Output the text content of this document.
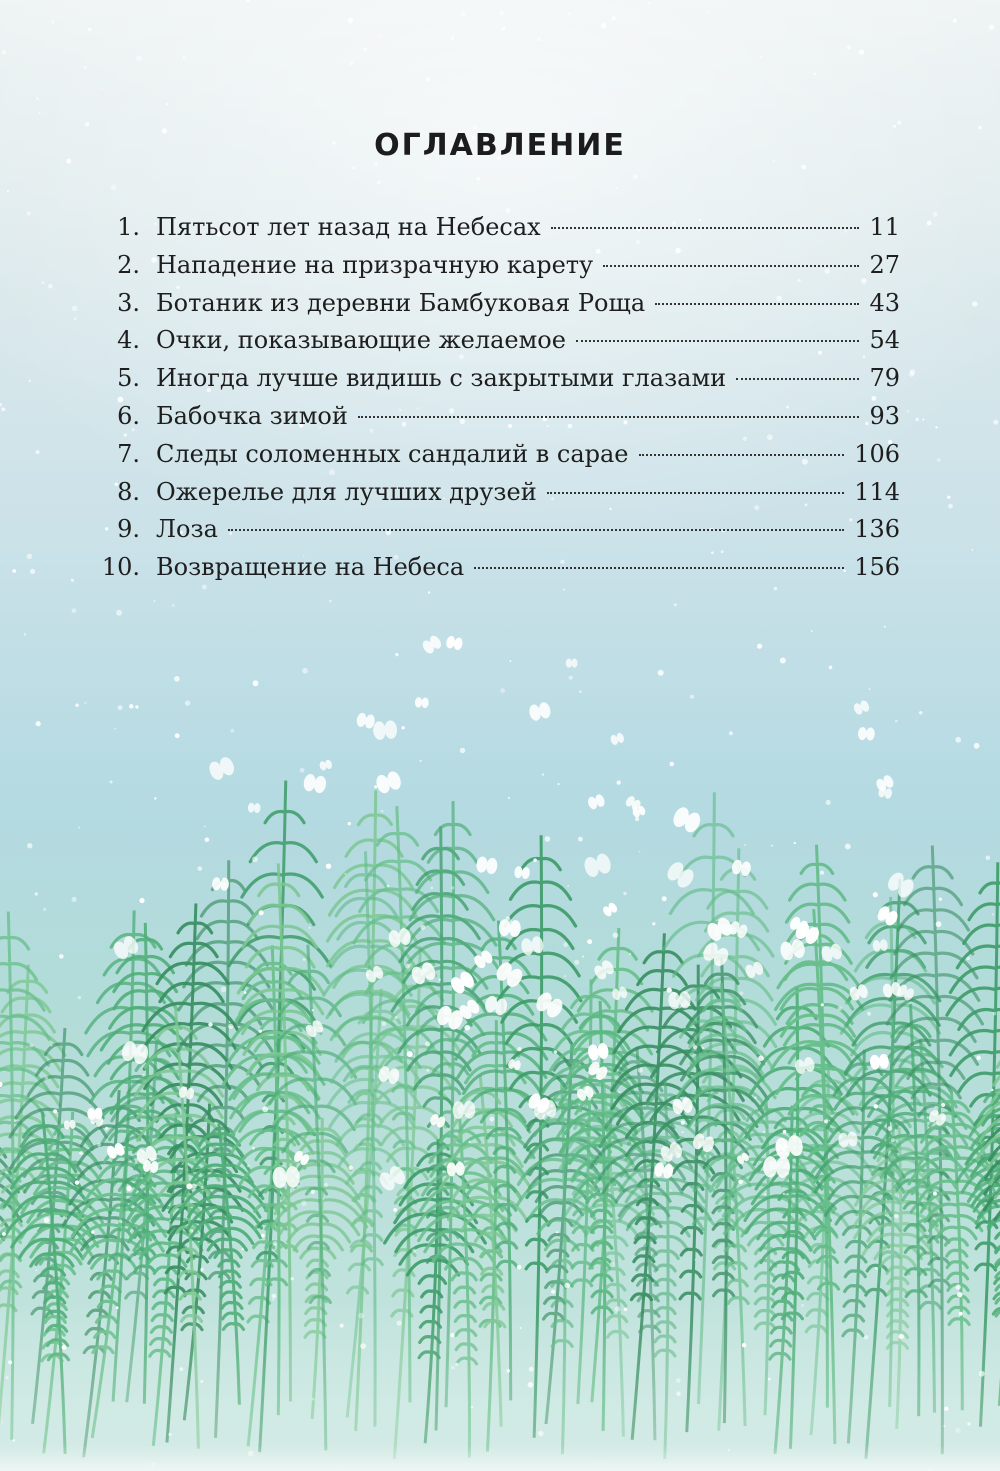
ОГЛАВЛЕНИЕ
1. Пятьсот лет назад на Небесах	11
2. Нападение на призрачную карету	27
3. Ботаник из деревни Бамбуковая Роща	43
4. Очки, показывающие желаемое	54
5. Иногда лучше видишь с закрытыми глазами	79
6. Бабочка зимой	93
7. Следы соломенных сандалий в сарае	106
8. Ожерелье для лучших друзей	114
9. Лоза	136
10. Возвращение на Небеса	156
